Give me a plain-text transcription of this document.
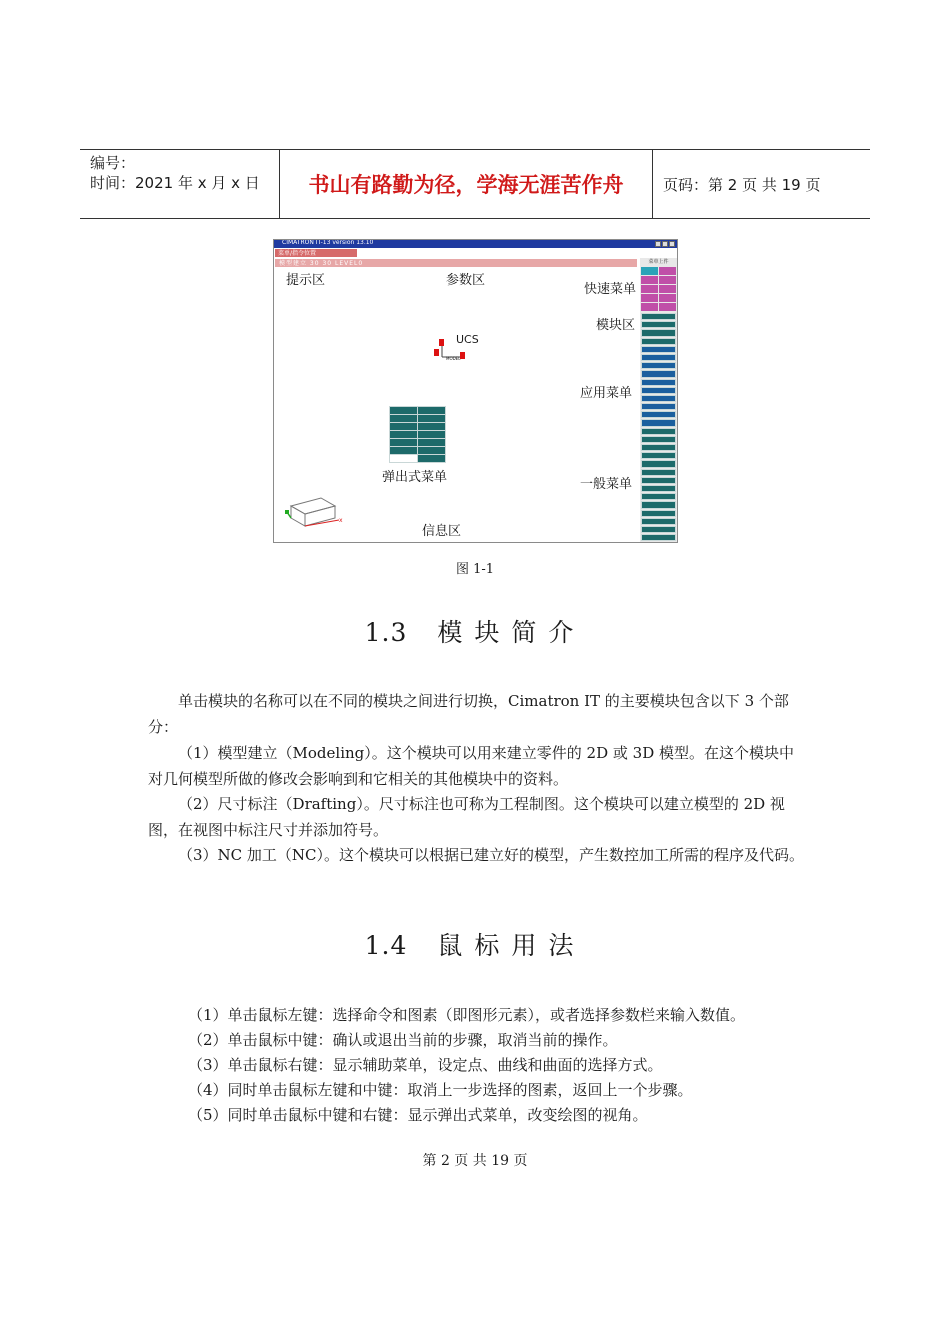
编号：
时间：2021 年 x 月 x 日	书山有路勤为径，学海无涯苦作舟	页码：第 2 页 共 19 页
CIMATRON IT-13 version 13.10
菜单/指令位置
模型建立 30 30 LEVEL0
提示区	参数区
快速菜单
模块区
应用菜单
弹出式菜单	一般菜单
信息区
UCS
MODEL
x
菜单上件
图 1-1
1.3 模块简介
单击模块的名称可以在不同的模块之间进行切换，Cimatron IT 的主要模块包含以下 3 个部分：
（1）模型建立（Modeling）。这个模块可以用来建立零件的 2D 或 3D 模型。在这个模块中对几何模型所做的修改会影响到和它相关的其他模块中的资料。
（2）尺寸标注（Drafting）。尺寸标注也可称为工程制图。这个模块可以建立模型的 2D 视图，在视图中标注尺寸并添加符号。
（3）NC 加工（NC）。这个模块可以根据已建立好的模型，产生数控加工所需的程序及代码。
1.4 鼠标用法
（1）单击鼠标左键：选择命令和图素（即图形元素），或者选择参数栏来输入数值。
（2）单击鼠标中键：确认或退出当前的步骤，取消当前的操作。
（3）单击鼠标右键：显示辅助菜单，设定点、曲线和曲面的选择方式。
（4）同时单击鼠标左键和中键：取消上一步选择的图素，返回上一个步骤。
（5）同时单击鼠标中键和右键：显示弹出式菜单，改变绘图的视角。
第 2 页 共 19 页
